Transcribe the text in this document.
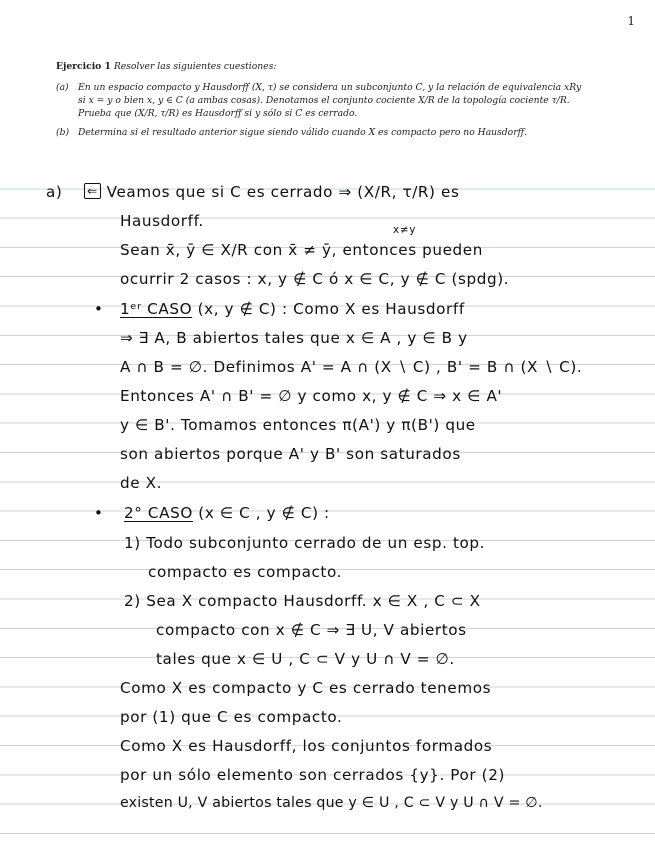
1
Ejercicio 1 Resolver las siguientes cuestiones:
(a)	En un espacio compacto y Hausdorff (X, τ) se considera un subconjunto C, y la relación de equivalencia xRy
si x = y o bien x, y ∈ C (a ambas cosas). Denotamos el conjunto cociente X/R de la topología cociente τ/R.
Prueba que (X/R, τ/R) es Hausdorff si y sólo si C es cerrado.
(b) Determina si el resultado anterior sigue siendo válido cuando X es compacto pero no Hausdorff.
a) ⇐ Veamos que si C es cerrado ⇒ (X/R, τ/R) es
Hausdorff.	x≠y
Sean x̄, ȳ ∈ X/R con x̄ ≠ ȳ, entonces pueden
ocurrir 2 casos : x, y ∉ C ó x ∈ C, y ∉ C (spdg).
• 1ᵉʳ CASO (x, y ∉ C) : Como X es Hausdorff
⇒ ∃ A, B abiertos tales que x ∈ A , y ∈ B y
A ∩ B = ∅. Definimos A' = A ∩ (X ∖ C) , B' = B ∩ (X ∖ C).
Entonces A' ∩ B' = ∅ y como x, y ∉ C ⇒ x ∈ A'
y ∈ B'. Tomamos entonces π(A') y π(B') que
son abiertos porque A' y B' son saturados
de X.
• 2° CASO (x ∈ C , y ∉ C) :
1) Todo subconjunto cerrado de un esp. top.
compacto es compacto.
2) Sea X compacto Hausdorff. x ∈ X , C ⊂ X
compacto con x ∉ C ⇒ ∃ U, V abiertos
tales que x ∈ U , C ⊂ V y U ∩ V = ∅.
Como X es compacto y C es cerrado tenemos
por (1) que C es compacto.
Como X es Hausdorff, los conjuntos formados
por un sólo elemento son cerrados {y}. Por (2)
existen U, V abiertos tales que y ∈ U , C ⊂ V y U ∩ V = ∅.
